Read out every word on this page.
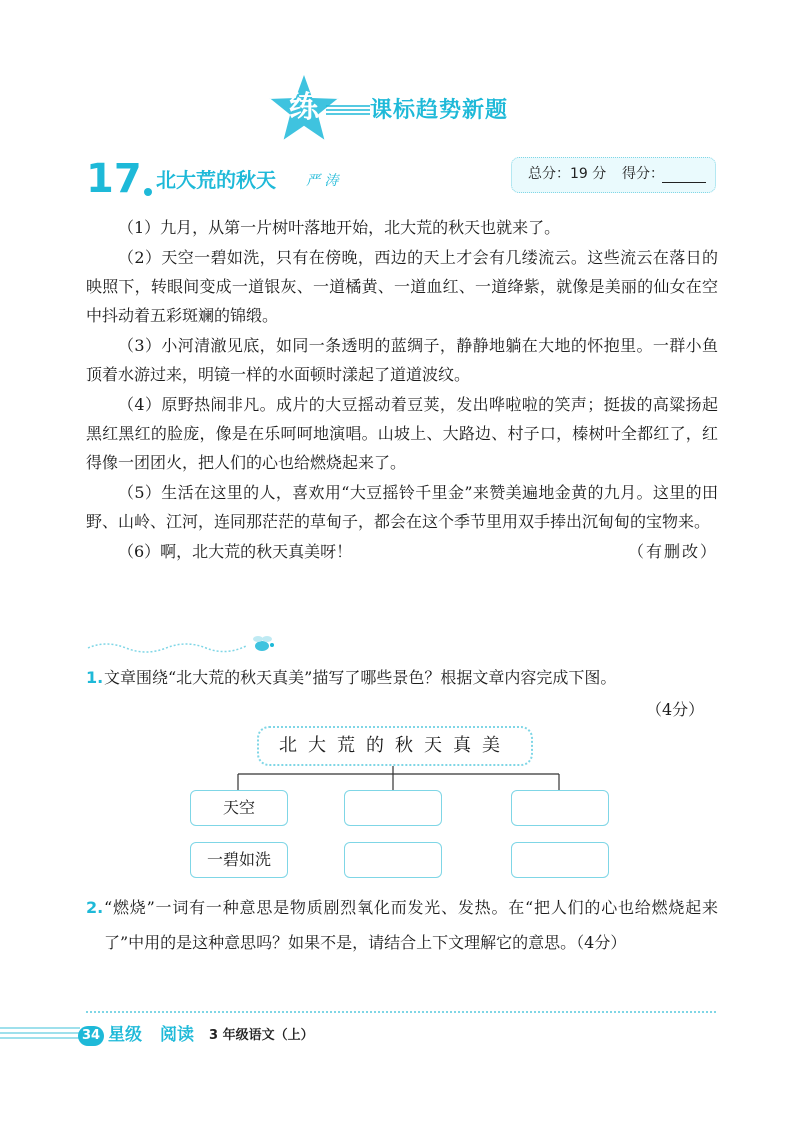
练	课标趋势新题
17 北大荒的秋天 严 涛	总分：19 分 得分：

（1）九月，从第一片树叶落地开始，北大荒的秋天也就来了。

（2）天空一碧如洗，只有在傍晚，西边的天上才会有几缕流云。这些流云在落日的映照下，转眼间变成一道银灰、一道橘黄、一道血红、一道绛紫，就像是美丽的仙女在空中抖动着五彩斑斓的锦缎。

（3）小河清澈见底，如同一条透明的蓝绸子，静静地躺在大地的怀抱里。一群小鱼顶着水游过来，明镜一样的水面顿时漾起了道道波纹。

（4）原野热闹非凡。成片的大豆摇动着豆荚，发出哗啦啦的笑声；挺拔的高粱扬起黑红黑红的脸庞，像是在乐呵呵地演唱。山坡上、大路边、村子口，榛树叶全都红了，红得像一团团火，把人们的心也给燃烧起来了。

（5）生活在这里的人，喜欢用“大豆摇铃千里金”来赞美遍地金黄的九月。这里的田野、山岭、江河，连同那茫茫的草甸子，都会在这个季节里用双手捧出沉甸甸的宝物来。

（6）啊，北大荒的秋天真美呀！	（有删改）
1. 文章围绕“北大荒的秋天真美”描写了哪些景色？根据文章内容完成下图。
（4分）
北大荒的秋天真美
天空
一碧如洗
2. “燃烧”一词有一种意思是物质剧烈氧化而发光、发热。在“把人们的心也给燃烧起来了”中用的是这种意思吗？如果不是，请结合上下文理解它的意思。（4分）
34 星级 阅读 3 年级语文（上）
